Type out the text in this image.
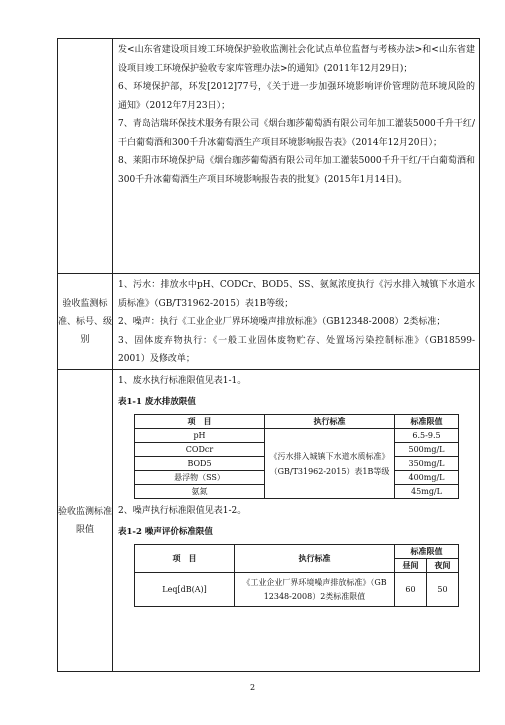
发<山东省建设项目竣工环境保护验收监测社会化试点单位监督与考核办法>和<山东省建设项目竣工环境保护验收专家库管理办法>的通知》(2011年12月29日)；

6、环境保护部，环发[2012]77号，《关于进一步加强环境影响评价管理防范环境风险的通知》（2012年7月23日）；

7、青岛洁瑞环保技术服务有限公司《烟台珈莎葡萄酒有限公司年加工灌装5000千升干红/干白葡萄酒和300千升冰葡萄酒生产项目环境影响报告表》（2014年12月20日）；

8、莱阳市环境保护局《烟台珈莎葡萄酒有限公司年加工灌装5000千升干红/干白葡萄酒和300千升冰葡萄酒生产项目环境影响报告表的批复》(2015年1月14日)。

验收监测标准、标号、级别	

1、污水：排放水中pH、CODCr、BOD5、SS、氨氮浓度执行《污水排入城镇下水道水质标准》（GB/T31962-2015）表1B等级；

2、噪声：执行《工业企业厂界环境噪声排放标准》（GB12348-2008）2类标准；

3、固体废弃物执行：《一般工业固体废物贮存、处置场污染控制标准》（GB18599-2001）及修改单；

验收监测标准限值	

1、废水执行标准限值见表1-1。

表1-1 废水排放限值

项　目	执行标准	标准限值
pH	《污水排入城镇下水道水质标准》（GB/T31962-2015）表1B等级	6.5-9.5
CODcr	500mg/L
BOD5	350mg/L
悬浮物（SS）	400mg/L
氨氮	45mg/L

2、噪声执行标准限值见表1-2。

表1-2 噪声评价标准限值

项　目	执行标准	标准限值
昼间	夜间
Leq[dB(A)]	《工业企业厂界环境噪声排放标准》（GB 12348-2008）2类标准限值	60	50
2
